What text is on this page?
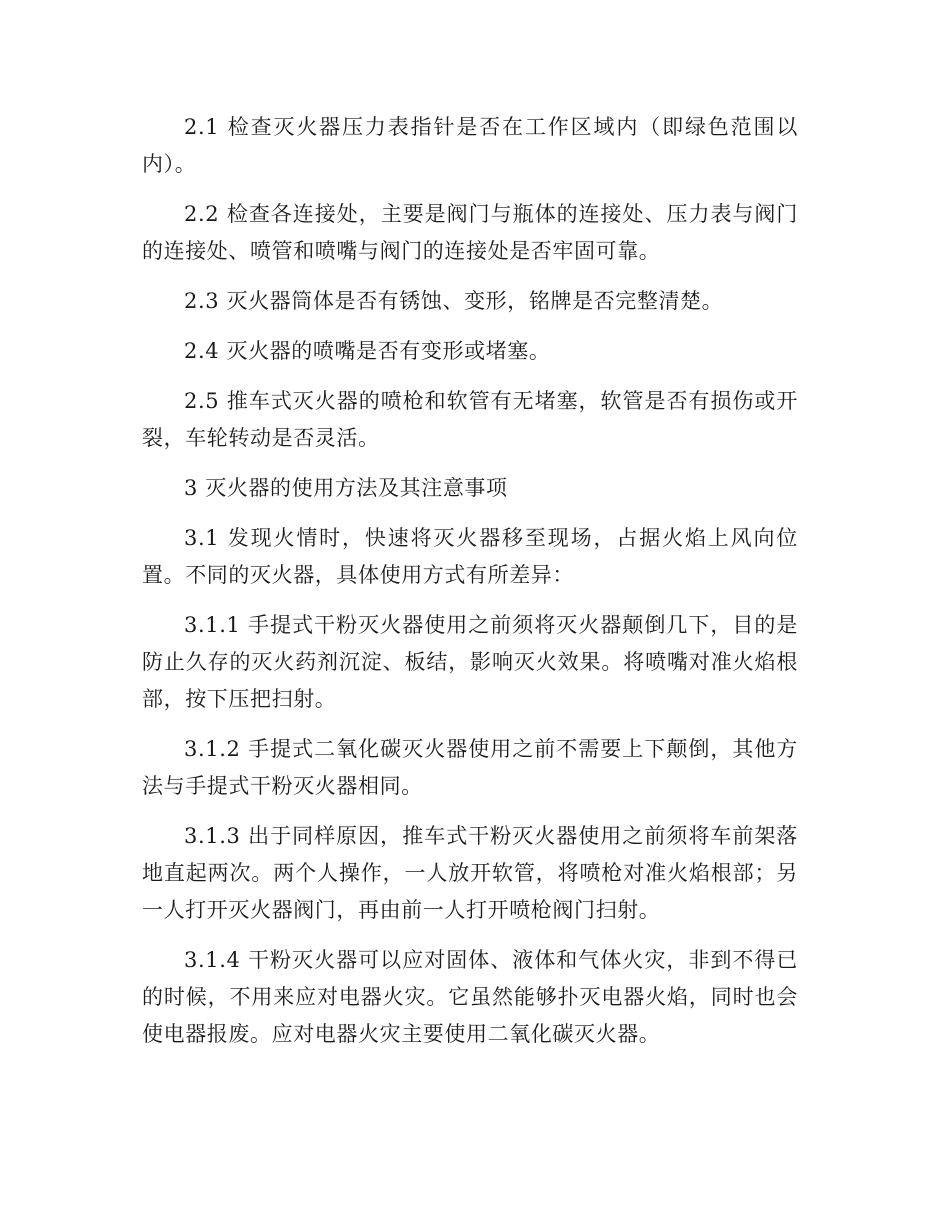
2.1 检查灭火器压力表指针是否在工作区域内（即绿色范围以内）。

2.2 检查各连接处，主要是阀门与瓶体的连接处、压力表与阀门的连接处、喷管和喷嘴与阀门的连接处是否牢固可靠。

2.3 灭火器筒体是否有锈蚀、变形，铭牌是否完整清楚。

2.4 灭火器的喷嘴是否有变形或堵塞。

2.5 推车式灭火器的喷枪和软管有无堵塞，软管是否有损伤或开裂，车轮转动是否灵活。

3 灭火器的使用方法及其注意事项

3.1 发现火情时，快速将灭火器移至现场，占据火焰上风向位置。不同的灭火器，具体使用方式有所差异：

3.1.1 手提式干粉灭火器使用之前须将灭火器颠倒几下，目的是防止久存的灭火药剂沉淀、板结，影响灭火效果。将喷嘴对准火焰根部，按下压把扫射。

3.1.2 手提式二氧化碳灭火器使用之前不需要上下颠倒，其他方法与手提式干粉灭火器相同。

3.1.3 出于同样原因，推车式干粉灭火器使用之前须将车前架落地直起两次。两个人操作，一人放开软管，将喷枪对准火焰根部；另一人打开灭火器阀门，再由前一人打开喷枪阀门扫射。

3.1.4 干粉灭火器可以应对固体、液体和气体火灾，非到不得已的时候，不用来应对电器火灾。它虽然能够扑灭电器火焰，同时也会使电器报废。应对电器火灾主要使用二氧化碳灭火器。
